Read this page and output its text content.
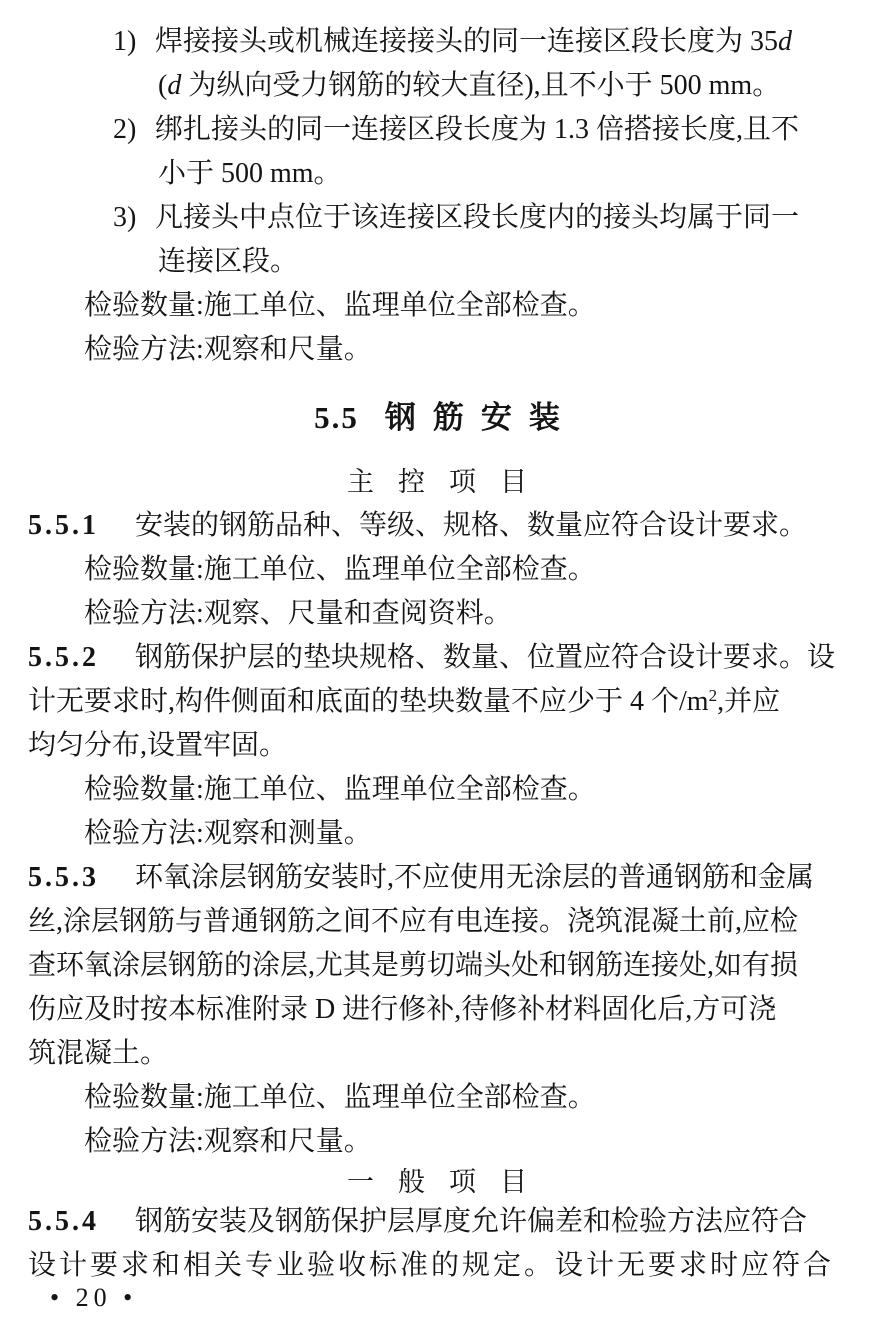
1) 焊接接头或机械连接接头的同一连接区段长度为 35d
(d 为纵向受力钢筋的较大直径),且不小于 500 mm。
2) 绑扎接头的同一连接区段长度为 1.3 倍搭接长度,且不
小于 500 mm。
3) 凡接头中点位于该连接区段长度内的接头均属于同一
连接区段。
检验数量:施工单位、监理单位全部检查。
检验方法:观察和尺量。
5.5 钢筋安装
主控项目
5.5.1 安装的钢筋品种、等级、规格、数量应符合设计要求。
检验数量:施工单位、监理单位全部检查。
检验方法:观察、尺量和查阅资料。
5.5.2 钢筋保护层的垫块规格、数量、位置应符合设计要求。设
计无要求时,构件侧面和底面的垫块数量不应少于 4 个$/m^2$,并应
均匀分布,设置牢固。
检验数量:施工单位、监理单位全部检查。
检验方法:观察和测量。
5.5.3 环氧涂层钢筋安装时,不应使用无涂层的普通钢筋和金属
丝,涂层钢筋与普通钢筋之间不应有电连接。浇筑混凝土前,应检
查环氧涂层钢筋的涂层,尤其是剪切端头处和钢筋连接处,如有损
伤应及时按本标准附录 D 进行修补,待修补材料固化后,方可浇
筑混凝土。
检验数量:施工单位、监理单位全部检查。
检验方法:观察和尺量。
一般项目
5.5.4 钢筋安装及钢筋保护层厚度允许偏差和检验方法应符合
设计要求和相关专业验收标准的规定。设计无要求时应符合
• 20 •
